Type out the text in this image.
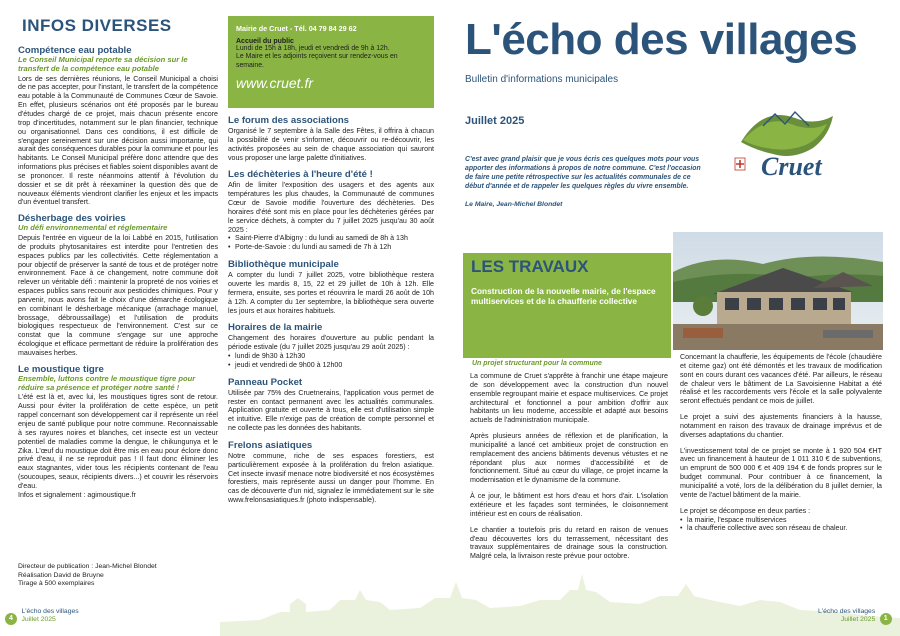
INFOS DIVERSES
Compétence eau potable
Le Conseil Municipal reporte sa décision sur le transfert de la compétence eau potable
Lors de ses dernières réunions, le Conseil Municipal a choisi de ne pas accepter, pour l'instant, le transfert de la compétence eau potable à la Communauté de Communes Cœur de Savoie. En effet, plusieurs scénarios ont été proposés par le bureau d'études chargé de ce projet, mais chacun présente encore trop d'incertitudes, notamment sur le plan financier, technique ou organisationnel. Dans ces conditions, il est difficile de s'engager sereinement sur une décision aussi importante, qui aurait des conséquences durables pour la commune et pour les habitants. Le Conseil Municipal préfère donc attendre que des informations plus précises et fiables soient disponibles avant de se prononcer. Il reste néanmoins attentif à l'évolution du dossier et se dit prêt à réexaminer la question dès que de nouveaux éléments viendront clarifier les enjeux et les impacts d'un éventuel transfert.
Désherbage des voiries
Un défi environnemental et réglementaire
Depuis l'entrée en vigueur de la loi Labbé en 2015, l'utilisation de produits phytosanitaires est interdite pour l'entretien des espaces publics par les collectivités. Cette réglementation a pour objectif de préserver la santé de tous et de protéger notre environnement. Face à ce changement, notre commune doit relever un véritable défi : maintenir la propreté de nos voiries et espaces publics sans recourir aux pesticides chimiques. Pour y parvenir, nous avons fait le choix d'une démarche écologique en combinant le désherbage mécanique (arrachage manuel, brossage, débroussaillage) et l'utilisation de produits biologiques respectueux de l'environnement. C'est sur ce constat que la commune s'engage sur une approche écologique et efficace permettant de réduire la prolifération des mauvaises herbes.
Le moustique tigre
Ensemble, luttons contre le moustique tigre pour réduire sa présence et protéger notre santé !
L'été est là et, avec lui, les moustiques tigres sont de retour. Aussi pour éviter la prolifération de cette espèce, un petit rappel concernant son développement car il représente un réel enjeu de santé publique pour notre commune. Reconnaissable à ses rayures noires et blanches, cet insecte est un vecteur potentiel de maladies comme la dengue, le chikungunya et le Zika. L'œuf du moustique doit être mis en eau pour éclore donc privé d'eau, il ne se reproduit pas ! Il faut donc éliminer les eaux stagnantes, vider tous les récipients contenant de l'eau (soucoupes, seaux, récipients divers...) et couvrir les réservoirs d'eau.
Infos et signalement : agimoustique.fr
Mairie de Cruet - Tél. 04 79 84 29 62
Accueil du public
Lundi de 15h à 18h, jeudi et vendredi de 9h à 12h.
Le Maire et les adjoints reçoivent sur rendez-vous en semaine.
www.cruet.fr
Le forum des associations
Organisé le 7 septembre à la Salle des Fêtes, il offrira à chacun la possibilité de venir s'informer, découvrir ou re-découvrir, les activités proposées au sein de chaque association qui sauront vous proposer une large palette d'initiatives.
Les déchèteries à l'heure d'été !
Afin de limiter l'exposition des usagers et des agents aux températures les plus chaudes, la Communauté de communes Cœur de Savoie modifie l'ouverture des déchèteries. Des horaires d'été sont mis en place pour les déchèteries gérées par le service déchets, à compter du 7 juillet 2025 jusqu'au 30 août 2025 :
• Saint-Pierre d'Albigny : du lundi au samedi de 8h à 13h
• Porte-de-Savoie : du lundi au samedi de 7h à 12h
Bibliothèque municipale
A compter du lundi 7 juillet 2025, votre bibliothèque restera ouverte les mardis 8, 15, 22 et 29 juillet de 10h à 12h. Elle fermera, ensuite, ses portes et réouvrira le mardi 26 août de 10h à 12h. A compter du 1er septembre, la bibliothèque sera ouverte les jours et aux horaires habituels.
Horaires de la mairie
Changement des horaires d'ouverture au public pendant la période estivale (du 7 juillet 2025 jusqu'au 29 août 2025) :
• lundi de 9h30 à 12h30
• jeudi et vendredi de 9h00 à 12h00
Panneau Pocket
Utilisée par 75% des Cruetnerains, l'application vous permet de rester en contact permanent avec les actualités communales. Application gratuite et ouverte à tous, elle est d'utilisation simple et intuitive. Elle n'exige pas de création de compte personnel et ne collecte pas les données des habitants.
Frelons asiatiques
Notre commune, riche de ses espaces forestiers, est particulièrement exposée à la prolifération du frelon asiatique. Cet insecte invasif menace notre biodiversité et nos écosystèmes forestiers, mais représente aussi un danger pour l'homme. En cas de découverte d'un nid, signalez le immédiatement sur le site www.frelonsasiatiques.fr (photo indispensable).
Directeur de publication : Jean-Michel Blondet
Réalisation David de Bruyne
Tirage à 500 exemplaires
4 L'écho des villages
Juillet 2025
L'écho des villages
Bulletin d'informations municipales
Juillet 2025
Cruet
C'est avec grand plaisir que je vous écris ces quelques mots pour vous apporter des informations à propos de notre commune. C'est l'occasion de faire une petite rétrospective sur les actualités communales de ce début d'année et de rappeler les quelques règles du vivre ensemble.
Le Maire, Jean-Michel Blondet
LES TRAVAUX
Construction de la nouvelle mairie, de l'espace multiservices et de la chaufferie collective
Un projet structurant pour la commune
La commune de Cruet s'apprête à franchir une étape majeure de son développement avec la construction d'un nouvel ensemble regroupant mairie et espace multiservices. Ce projet architectural et fonctionnel a pour ambition d'offrir aux habitants un lieu moderne, accessible et adapté aux besoins actuels de l'administration municipale.
Après plusieurs années de réflexion et de planification, la municipalité a lancé cet ambitieux projet de construction en remplacement des anciens bâtiments devenus vétustes et ne répondant plus aux normes d'accessibilité et de fonctionnement. Situé au cœur du village, ce projet incarne la modernisation et le dynamisme de la commune.
À ce jour, le bâtiment est hors d'eau et hors d'air. L'isolation extérieure et les façades sont terminées, le cloisonnement intérieur est en cours de réalisation.
Le chantier a toutefois pris du retard en raison de venues d'eau découvertes lors du terrassement, nécessitant des travaux supplémentaires de drainage sous la construction. Malgré cela, la livraison reste prévue pour octobre.
Concernant la chaufferie, les équipements de l'école (chaudière et citerne gaz) ont été démontés et les travaux de modification sont en cours durant ces vacances d'été. Par ailleurs, le réseau de chaleur vers le bâtiment de La Savoisienne Habitat a été réalisé et les raccordements vers l'école et la salle polyvalente seront effectués pendant ce mois de juillet.
Le projet a suivi des ajustements financiers à la hausse, notamment en raison des travaux de drainage imprévus et de diverses adaptations du chantier.
L'investissement total de ce projet se monte à 1 920 504 €HT avec un financement à hauteur de 1 011 310 € de subventions, un emprunt de 500 000 € et 409 194 € de fonds propres sur le budget communal. Pour contribuer à ce financement, la municipalité a voté, lors de la délibération du 8 juillet dernier, la vente de l'actuel bâtiment de la mairie.
Le projet se décompose en deux parties :
• la mairie, l'espace multiservices
• la chaufferie collective avec son réseau de chaleur.
L'écho des villages
Juillet 2025 1
